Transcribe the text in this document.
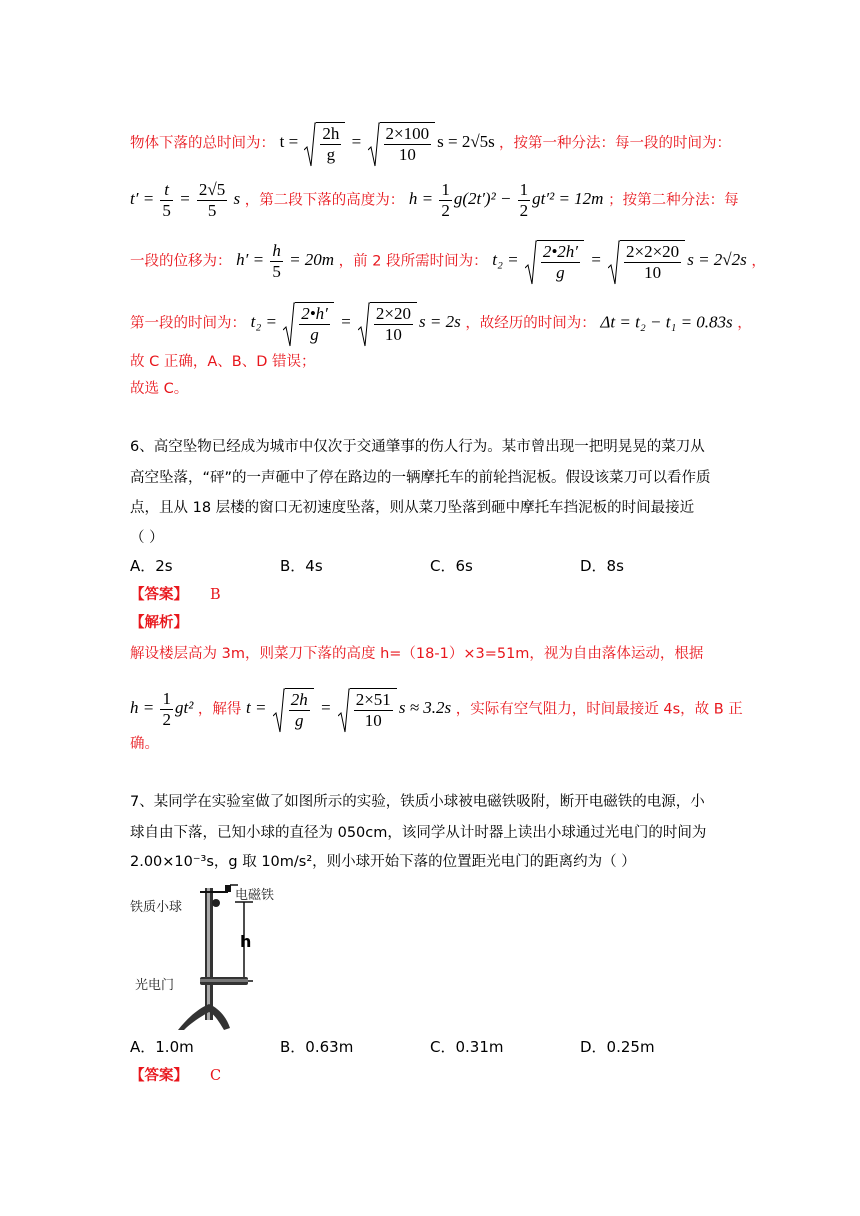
物体下落的总时间为： $t = \frac{2h}{g} = \frac{2\times 100}{10}$ s = 2√5s ，按第一种分法：每一段的时间为：
$t' = \frac{t}{5} = \frac{2√5}{5}$ s ，第二段下落的高度为： $h = \frac{1}{2} g(2t')^2 - \frac{1}{2} gt'^2 = 12m$ ；按第二种分法：每
一段的位移为： $h' = \frac{h}{5} = 20m$ ，前 2 段所需时间为： $t_2 = \frac{2•2h'}{g} = \frac{2\times 2\times 20}{10}$ s = 2√2s ，
第一段的时间为： $t_2 = \frac{2•h'}{g} = \frac{2\times 20}{10}$ s = 2s ，故经历的时间为： Δt = t₂ − t₁ = 0.83s ，
故 C 正确，A、B、D 错误；
故选 C。
6、高空坠物已经成为城市中仅次于交通肇事的伤人行为。某市曾出现一把明晃晃的菜刀从
高空坠落，“砰”的一声砸中了停在路边的一辆摩托车的前轮挡泥板。假设该菜刀可以看作质
点，且从 18 层楼的窗口无初速度坠落，则从菜刀坠落到砸中摩托车挡泥板的时间最接近
（ ）
A．2s	B．4s	C．6s	D．8s
【答案】 B
【解析】
解设楼层高为 3m，则菜刀下落的高度 h=（18-1）×3=51m，视为自由落体运动，根据
$h = \frac{1}{2} gt^2$ ，解得 $t = \frac{2h}{g} = \frac{2\times 51}{10}$ s ≈ 3.2s ，实际有空气阻力，时间最接近 4s，故 B 正
确。
7、某同学在实验室做了如图所示的实验，铁质小球被电磁铁吸附，断开电磁铁的电源，小
球自由下落，已知小球的直径为 050cm，该同学从计时器上读出小球通过光电门的时间为
2.00×10⁻³s，g 取 10m/s²，则小球开始下落的位置距光电门的距离约为（ ）
铁质小球
电磁铁
h
光电门
A．1.0m	B．0.63m	C．0.31m	D．0.25m
【答案】 C
